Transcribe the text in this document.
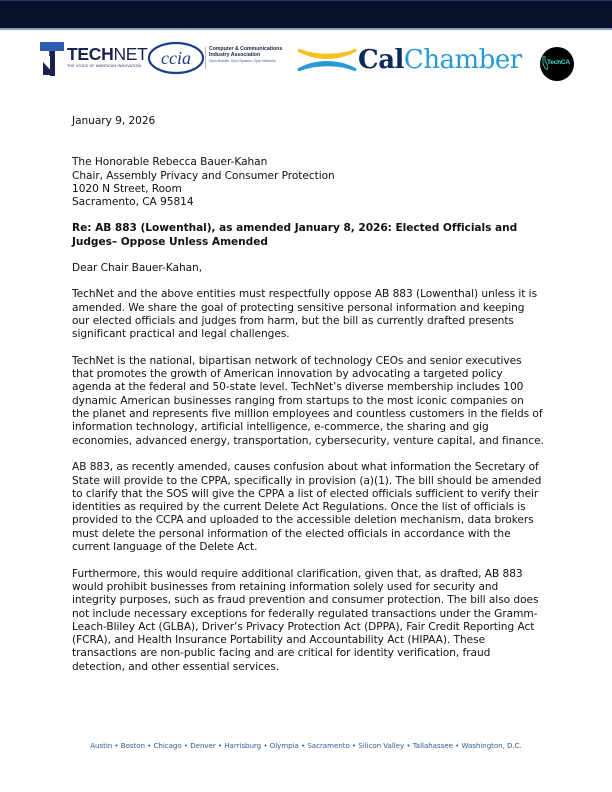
TECHNET
THE VOICE OF AMERICAN INNOVATION ccia	Computer & Communications
Industry Association
Open Markets. Open Systems. Open Networks.	CalChamber	TechCA

January 9, 2026

The Honorable Rebecca Bauer-Kahan

Chair, Assembly Privacy and Consumer Protection

1020 N Street, Room

Sacramento, CA 95814

Re: AB 883 (Lowenthal), as amended January 8, 2026: Elected Officials and Judges– Oppose Unless Amended

Dear Chair Bauer-Kahan,

TechNet and the above entities must respectfully oppose AB 883 (Lowenthal) unless it is amended. We share the goal of protecting sensitive personal information and keeping our elected officials and judges from harm, but the bill as currently drafted presents significant practical and legal challenges.

TechNet is the national, bipartisan network of technology CEOs and senior executives that promotes the growth of American innovation by advocating a targeted policy agenda at the federal and 50-state level. TechNet’s diverse membership includes 100 dynamic American businesses ranging from startups to the most iconic companies on the planet and represents five million employees and countless customers in the fields of information technology, artificial intelligence, e-commerce, the sharing and gig economies, advanced energy, transportation, cybersecurity, venture capital, and finance.

AB 883, as recently amended, causes confusion about what information the Secretary of State will provide to the CPPA, specifically in provision (a)(1). The bill should be amended to clarify that the SOS will give the CPPA a list of elected officials sufficient to verify their identities as required by the current Delete Act Regulations. Once the list of officials is provided to the CCPA and uploaded to the accessible deletion mechanism, data brokers must delete the personal information of the elected officials in accordance with the current language of the Delete Act.

Furthermore, this would require additional clarification, given that, as drafted, AB 883 would prohibit businesses from retaining information solely used for security and integrity purposes, such as fraud prevention and consumer protection. The bill also does not include necessary exceptions for federally regulated transactions under the Gramm-Leach-Bliley Act (GLBA), Driver’s Privacy Protection Act (DPPA), Fair Credit Reporting Act (FCRA), and Health Insurance Portability and Accountability Act (HIPAA). These transactions are non-public facing and are critical for identity verification, fraud detection, and other essential services.

Austin • Boston • Chicago • Denver • Harrisburg • Olympia • Sacramento • Silicon Valley • Tallahassee • Washington, D.C.
